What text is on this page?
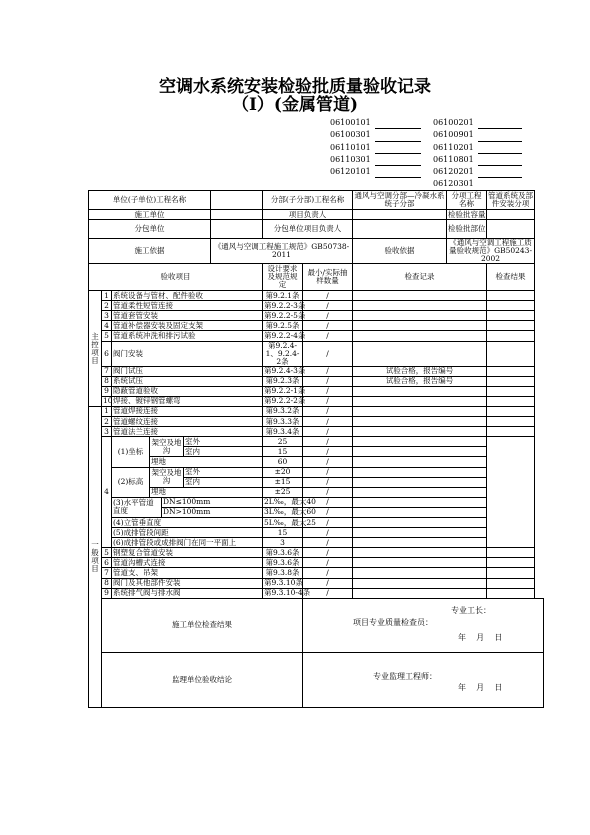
空调水系统安装检验批质量验收记录
（Ⅰ）(金属管道)
06100101
06100301
06110101
06110301
06120101
06100201
06100901
06110201
06110801
06120201
06120301
单位(子单位)工程名称							分部(子分部)工程名称		通风与空调分部—冷凝水系统子分部	分项工程名称	管道系统及部件安装分项
施工单位							项目负责人			检验批容量	
分包单位							分包单位项目负责人			检验批部位	
施工依据						《通风与空调工程施工规范》GB50738-2011			验收依据	《通风与空调工程施工质量验收规范》GB50243-2002	
验收项目							设计要求及规范规定	最小/实际抽样数量	检查记录		检查结果
主控项目	1	系统设备与管材、配件验收					第9.2.1条	/			
	2	管道柔性短管连接					第9.2.2-3条	/			
	3	管道套管安装					第9.2.2-5条	/			
	4	管道补偿器安装及固定支架					第9.2.5条	/			
	5	管道系统冲洗和排污试验					第9.2.2-4条	/			
	6	阀门安装					第9.2.4-1、9.2.4-2条	/			
	7	阀门试压					第9.2.4-3条	/	试验合格，报告编号		
	8	系统试压					第9.2.3条	/	试验合格，报告编号		
	9	隐蔽管道验收					第9.2.2-1条	/			
	10	焊接、镀锌钢管螺弯					第9.2.2-2条	/			
一般项目	1	管道焊接连接					第9.3.2条	/			
	2	管道螺纹连接					第9.3.3条	/			
	3	管道法兰连接					第9.3.4条	/			
	4	(1)坐标	架空及地沟		室外		25	/			
					室内		15	/			
			埋地				60	/			
		(2)标高	架空及地沟		室外		±20	/			
					室内		±15	/			
			埋地				±25	/			
		(3)水平管道直度		DN≤100mm			2L‰，最大40	/			
				DN>100mm			3L‰，最大60	/			
		(4)立管垂直度					5L‰，最大25	/			
		(5)成排管段间距					15	/			
		(6)成排管段或成排阀门在同一平面上					3	/			

	5	钢塑复合管道安装					第9.3.6条	/			
	6	管道沟槽式连接					第9.3.6条	/			
	7	管道支、吊架					第9.3.8条	/			
	8	阀门及其他部件安装					第9.3.10条	/			
	9	系统排气阀与排水阀					第9.3.10-4条	/			
	施工单位检查结果							专业工长：
项目专业质量检查员：
年    月    日			

	监理单位验收结论							专业监理工程师：
年    月    日			
